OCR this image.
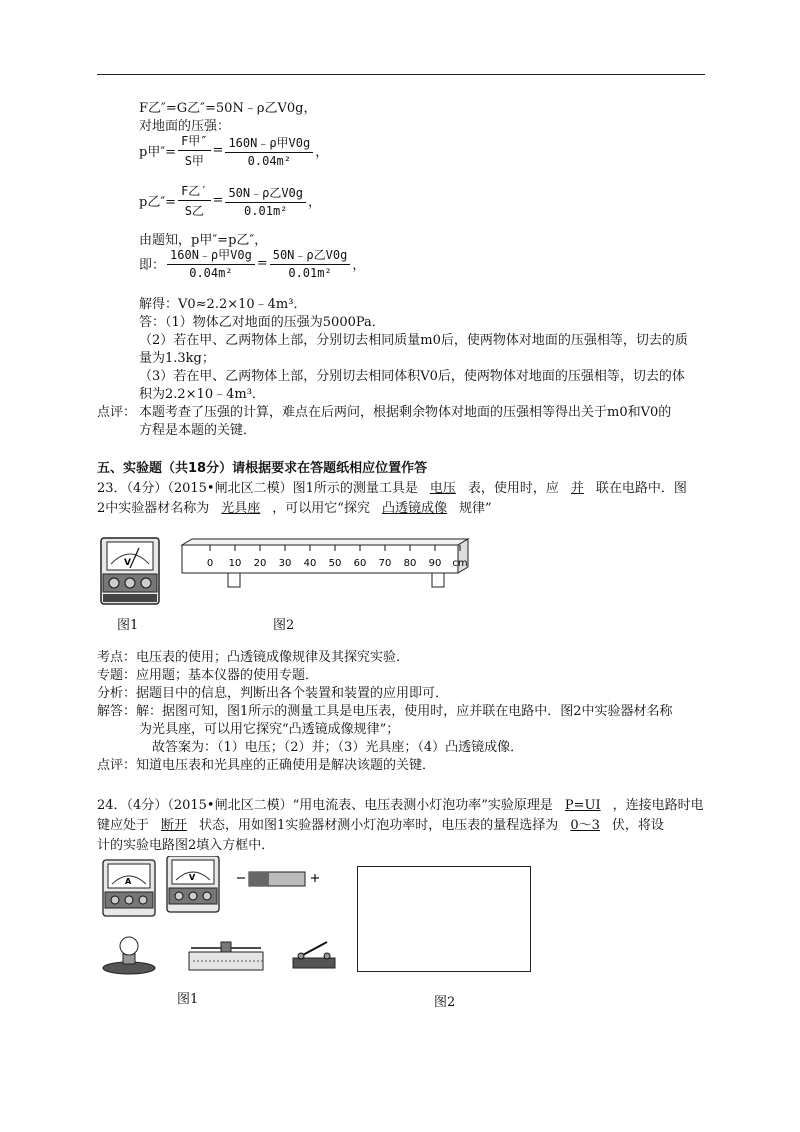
F乙″=G乙″=50N﹣ρ乙V0g，
对地面的压强：
p甲″= $\frac{\text{F甲″}}{\text{S甲}} = \frac{\text{160N﹣ρ甲V0g}}{\text{0.04m²}}$ ，
p乙″= $\frac{\text{F乙′}}{\text{S乙}} = \frac{\text{50N﹣ρ乙V0g}}{\text{0.01m²}}$ ，
由题知，p甲″=p乙″，
即： $\frac{\text{160N﹣ρ甲V0g}}{\text{0.04m²}} = \frac{\text{50N﹣ρ乙V0g}}{\text{0.01m²}}$ ，
解得：V0≈2.2×10﹣4m³．
答：（1）物体乙对地面的压强为5000Pa．
（2）若在甲、乙两物体上部，分别切去相同质量m0后，使两物体对地面的压强相等，切去的质
量为1.3kg；
（3）若在甲、乙两物体上部，分别切去相同体积V0后，使两物体对地面的压强相等，切去的体
积为2.2×10﹣4m³．
点评： 本题考查了压强的计算，难点在后两问，根据剩余物体对地面的压强相等得出关于m0和V0的
方程是本题的关键．
五、实验题（共18分）请根据要求在答题纸相应位置作答
23．（4分）（2015•闸北区二模）图1所示的测量工具是 电压 表，使用时，应 并 联在电路中．图
2中实验器材名称为 光具座 ，可以用它“探究 凸透镜成像 规律”
V
图1
0 10 20 30 40 50 60 70 80 90 cm
图2
考点：电压表的使用；凸透镜成像规律及其探究实验．
专题：应用题；基本仪器的使用专题．
分析：据题目中的信息，判断出各个装置和装置的应用即可．
解答：解：据图可知，图1所示的测量工具是电压表，使用时，应并联在电路中．图2中实验器材名称
为光具座，可以用它探究“凸透镜成像规律”；
故答案为：（1）电压；（2）并；（3）光具座；（4）凸透镜成像．
点评：知道电压表和光具座的正确使用是解决该题的关键．
24．（4分）（2015•闸北区二模）“用电流表、电压表测小灯泡功率”实验原理是 P=UI ，连接电路时电
键应处于 断开 状态，用如图1实验器材测小灯泡功率时，电压表的量程选择为 0～3 伏，将设
计的实验电路图2填入方框中．
A	V
图1	图2
